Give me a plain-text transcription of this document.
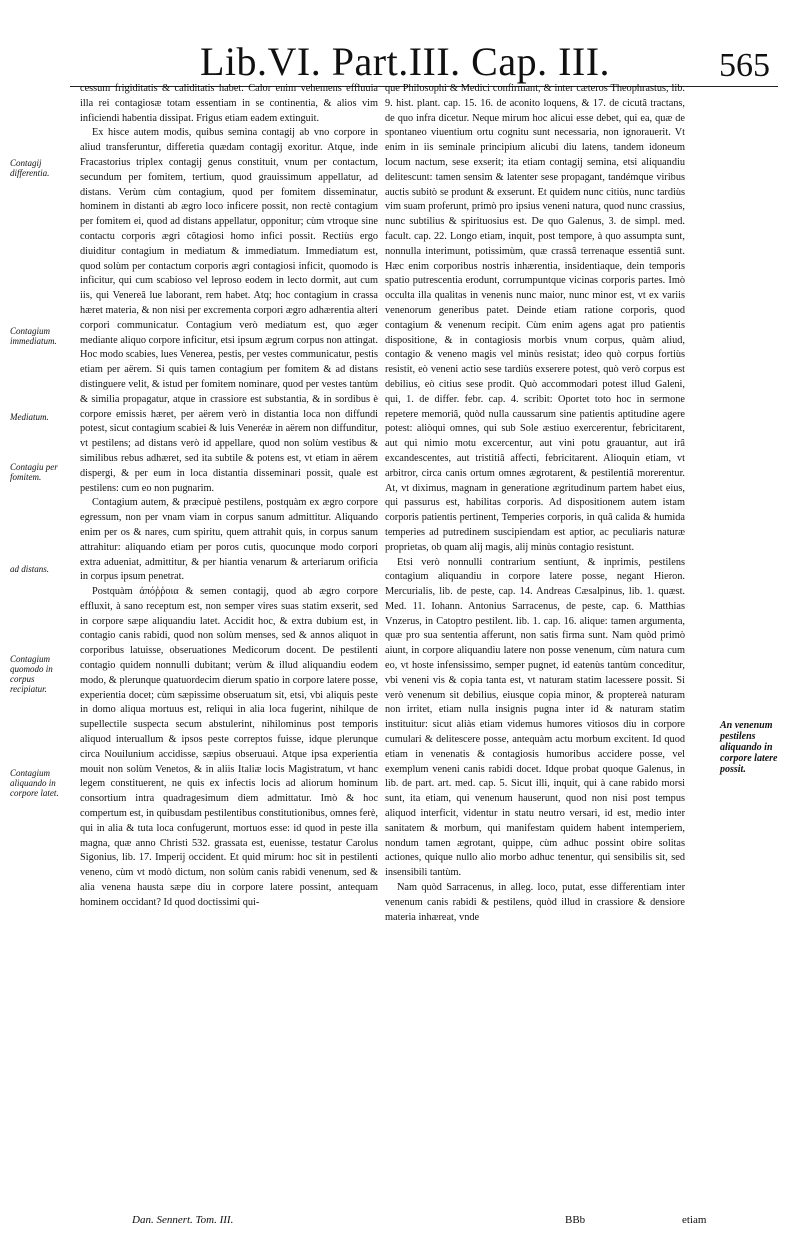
Lib.VI. Part.III. Cap. III.	565
Contagij differentia.
Contagium immediatum.
Mediatum.
Contagiu per fomitem.
ad distans.
Contagium quomodo in corpus recipiatur.
Contagium aliquando in corpore latet.
An venenum pestilens aliquando in corpore latere possit.

cessum frigiditatis & caliditatis habet. Calor enim vehemens effluuia illa rei contagiosæ totam essentiam in se continentia, & alios vim inficiendi habentia dissipat. Frigus etiam eadem extinguit.

Ex hisce autem modis, quibus semina contagij ab vno corpore in aliud transferuntur, differetia quædam contagij exoritur. Atque, inde Fracastorius triplex contagij genus constituit, vnum per contactum, secundum per fomitem, tertium, quod grauissimum appellatur, ad distans. Verùm cùm contagium, quod per fomitem disseminatur, hominem in distanti ab ægro loco inficere possit, non rectè contagium per fomitem ei, quod ad distans appellatur, opponitur; cùm vtroque sine contactu corporis ægri cõtagiosi homo infici possit. Rectiùs ergo diuiditur contagium in mediatum & immediatum. Immediatum est, quod solùm per contactum corporis ægri contagiosi inficit, quomodo is inficitur, qui cum scabioso vel leproso eodem in lecto dormit, aut cum iis, qui Venereâ lue laborant, rem habet. Atq; hoc contagium in crassa hæret materia, & non nisi per excrementa corpori ægro adhærentia alteri corpori communicatur. Contagium verò mediatum est, quo æger mediante aliquo corpore inficitur, etsi ipsum ægrum corpus non attingat. Hoc modo scabies, lues Venerea, pestis, per vestes communicatur, pestis etiam per aërem. Si quis tamen contagium per fomitem & ad distans distinguere velit, & istud per fomitem nominare, quod per vestes tantùm & similia propagatur, atque in crassiore est substantia, & in sordibus è corpore emissis hæret, per aërem verò in distantia loca non diffundi potest, sicut contagium scabiei & luis Veneréæ in aërem non diffunditur, vt pestilens; ad distans verò id appellare, quod non solùm vestibus & similibus rebus adhæret, sed ita subtile & potens est, vt etiam in aërem dispergi, & per eum in loca distantia disseminari possit, quale est pestilens: cum eo non pugnarim.

Contagium autem, & præcipuè pestilens, postquàm ex ægro corpore egressum, non per vnam viam in corpus sanum admittitur. Aliquando enim per os & nares, cum spiritu, quem attrahit quis, in corpus sanum attrahitur: aliquando etiam per poros cutis, quocunque modo corpori extra adueniat, admittitur, & per hiantia venarum & arteriarum orificia in corpus ipsum penetrat.

Postquàm ἀπόῤῥοια & semen contagij, quod ab ægro corpore effluxit, à sano receptum est, non semper vires suas statim exserit, sed in corpore sæpe aliquandiu latet. Accidit hoc, & extra dubium est, in contagio canis rabidi, quod non solùm menses, sed & annos aliquot in corporibus latuisse, obseruationes Medicorum docent. De pestilenti contagio quidem nonnulli dubitant; verùm & illud aliquandiu eodem modo, & plerunque quatuordecim dierum spatio in corpore latere posse, experientia docet; cùm sæpissime obseruatum sit, etsi, vbi aliquis peste in domo aliqua mortuus est, reliqui in alia loca fugerint, nihilque de supellectile suspecta secum abstulerint, nihilominus post temporis aliquod interuallum & ipsos peste correptos fuisse, idque plerunque circa Nouilunium accidisse, sæpius obseruaui. Atque ipsa experientia mouit non solùm Venetos, & in aliis Italiæ locis Magistratum, vt hanc legem constituerent, ne quis ex infectis locis ad aliorum hominum consortium intra quadragesimum diem admittatur. Imò & hoc compertum est, in quibusdam pestilentibus constitutionibus, omnes ferè, qui in alia & tuta loca confugerunt, mortuos esse: id quod in peste illa magna, quæ anno Christi 532. grassata est, euenisse, testatur Carolus Sigonius, lib. 17. Imperij occident. Et quid mirum: hoc sit in pestilenti veneno, cùm vt modò dictum, non solùm canis rabidi venenum, sed & alia venena hausta sæpe diu in corpore latere possint, antequam hominem occidant? Id quod doctissimi qui-

que Philosophi & Medici confirmant, & inter cæteros Theophrastus, lib. 9. hist. plant. cap. 15. 16. de aconito loquens, & 17. de cicutâ tractans, de quo infra dicetur. Neque mirum hoc alicui esse debet, qui ea, quæ de spontaneo viuentium ortu cognitu sunt necessaria, non ignorauerit. Vt enim in iis seminale principium alicubi diu latens, tandem idoneum locum nactum, sese exserit; ita etiam contagij semina, etsi aliquandiu delitescunt: tamen sensim & latenter sese propagant, tandémque viribus auctis subitò se produnt & exserunt. Et quidem nunc citiùs, nunc tardiùs vim suam proferunt, primò pro ipsius veneni natura, quod nunc crassius, nunc subtilius & spirituosius est. De quo Galenus, 3. de simpl. med. facult. cap. 22. Longo etiam, inquit, post tempore, à quo assumpta sunt, nonnulla interimunt, potissimùm, quæ crassâ terrenaque essentiâ sunt. Hæc enim corporibus nostris inhærentia, insidentiaque, dein temporis spatio putrescentia erodunt, corrumpuntque vicinas corporis partes. Imò occulta illa qualitas in venenis nunc maior, nunc minor est, vt ex variis venenorum generibus patet. Deinde etiam ratione corporis, quod contagium & venenum recipit. Cùm enim agens agat pro patientis dispositione, & in contagiosis morbis vnum corpus, quàm aliud, contagio & veneno magis vel minùs resistat; ideo quò corpus fortiùs resistit, eò veneni actio sese tardiùs exserere potest, quò verò corpus est debilius, eò citius sese prodit. Quò accommodari potest illud Galeni, qui, 1. de differ. febr. cap. 4. scribit: Oportet toto hoc in sermone repetere memoriâ, quòd nulla caussarum sine patientis aptitudine agere potest: aliòqui omnes, qui sub Sole æstiuo exercerentur, febricitarent, aut qui nimio motu excercentur, aut vini potu grauantur, aut irâ excandescentes, aut tristitiâ affecti, febricitarent. Alioquin etiam, vt arbitror, circa canis ortum omnes ægrotarent, & pestilentiâ morerentur. At, vt diximus, magnam in generatione ægritudinum partem habet eius, qui passurus est, habilitas corporis. Ad dispositionem autem istam corporis patientis pertinent, Temperies corporis, in quâ calida & humida temperies ad putredinem suscipiendam est aptior, ac peculiaris naturæ proprietas, ob quam alij magis, alij minùs contagio resistunt.

Etsi verò nonnulli contrarium sentiunt, & inprimis, pestilens contagium aliquandiu in corpore latere posse, negant Hieron. Mercurialis, lib. de peste, cap. 14. Andreas Cæsalpinus, lib. 1. quæst. Med. 11. Iohann. Antonius Sarracenus, de peste, cap. 6. Matthias Vnzerus, in Catoptro pestilent. lib. 1. cap. 16. alique: tamen argumenta, quæ pro sua sententia afferunt, non satis firma sunt. Nam quòd primò aiunt, in corpore aliquandiu latere non posse venenum, cùm natura cum eo, vt hoste infensissimo, semper pugnet, id eatenùs tantùm conceditur, vbi veneni vis & copia tanta est, vt naturam statim lacessere possit. Si verò venenum sit debilius, eiusque copia minor, & proptereà naturam non irritet, etiam nulla insignis pugna inter id & naturam statim instituitur: sicut aliàs etiam videmus humores vitiosos diu in corpore cumulari & delitescere posse, antequàm actu morbum excitent. Id quod etiam in venenatis & contagiosis humoribus accidere posse, vel exemplum veneni canis rabidi docet. Idque probat quoque Galenus, in lib. de part. art. med. cap. 5. Sicut illi, inquit, qui à cane rabido morsi sunt, ita etiam, qui venenum hauserunt, quod non nisi post tempus aliquod interficit, videntur in statu neutro versari, id est, medio inter sanitatem & morbum, qui manifestam quidem habent intemperiem, nondum tamen ægrotant, quippe, cùm adhuc possint obire solitas actiones, quique nullo alio morbo adhuc tenentur, qui sensibilis sit, sed insensibili tantùm.

Nam quòd Sarracenus, in alleg. loco, putat, esse differentiam inter venenum canis rabidi & pestilens, quòd illud in crassiore & densiore materia inhæreat, vnde

Dan. Sennert. Tom. III.	BBb	etiam
